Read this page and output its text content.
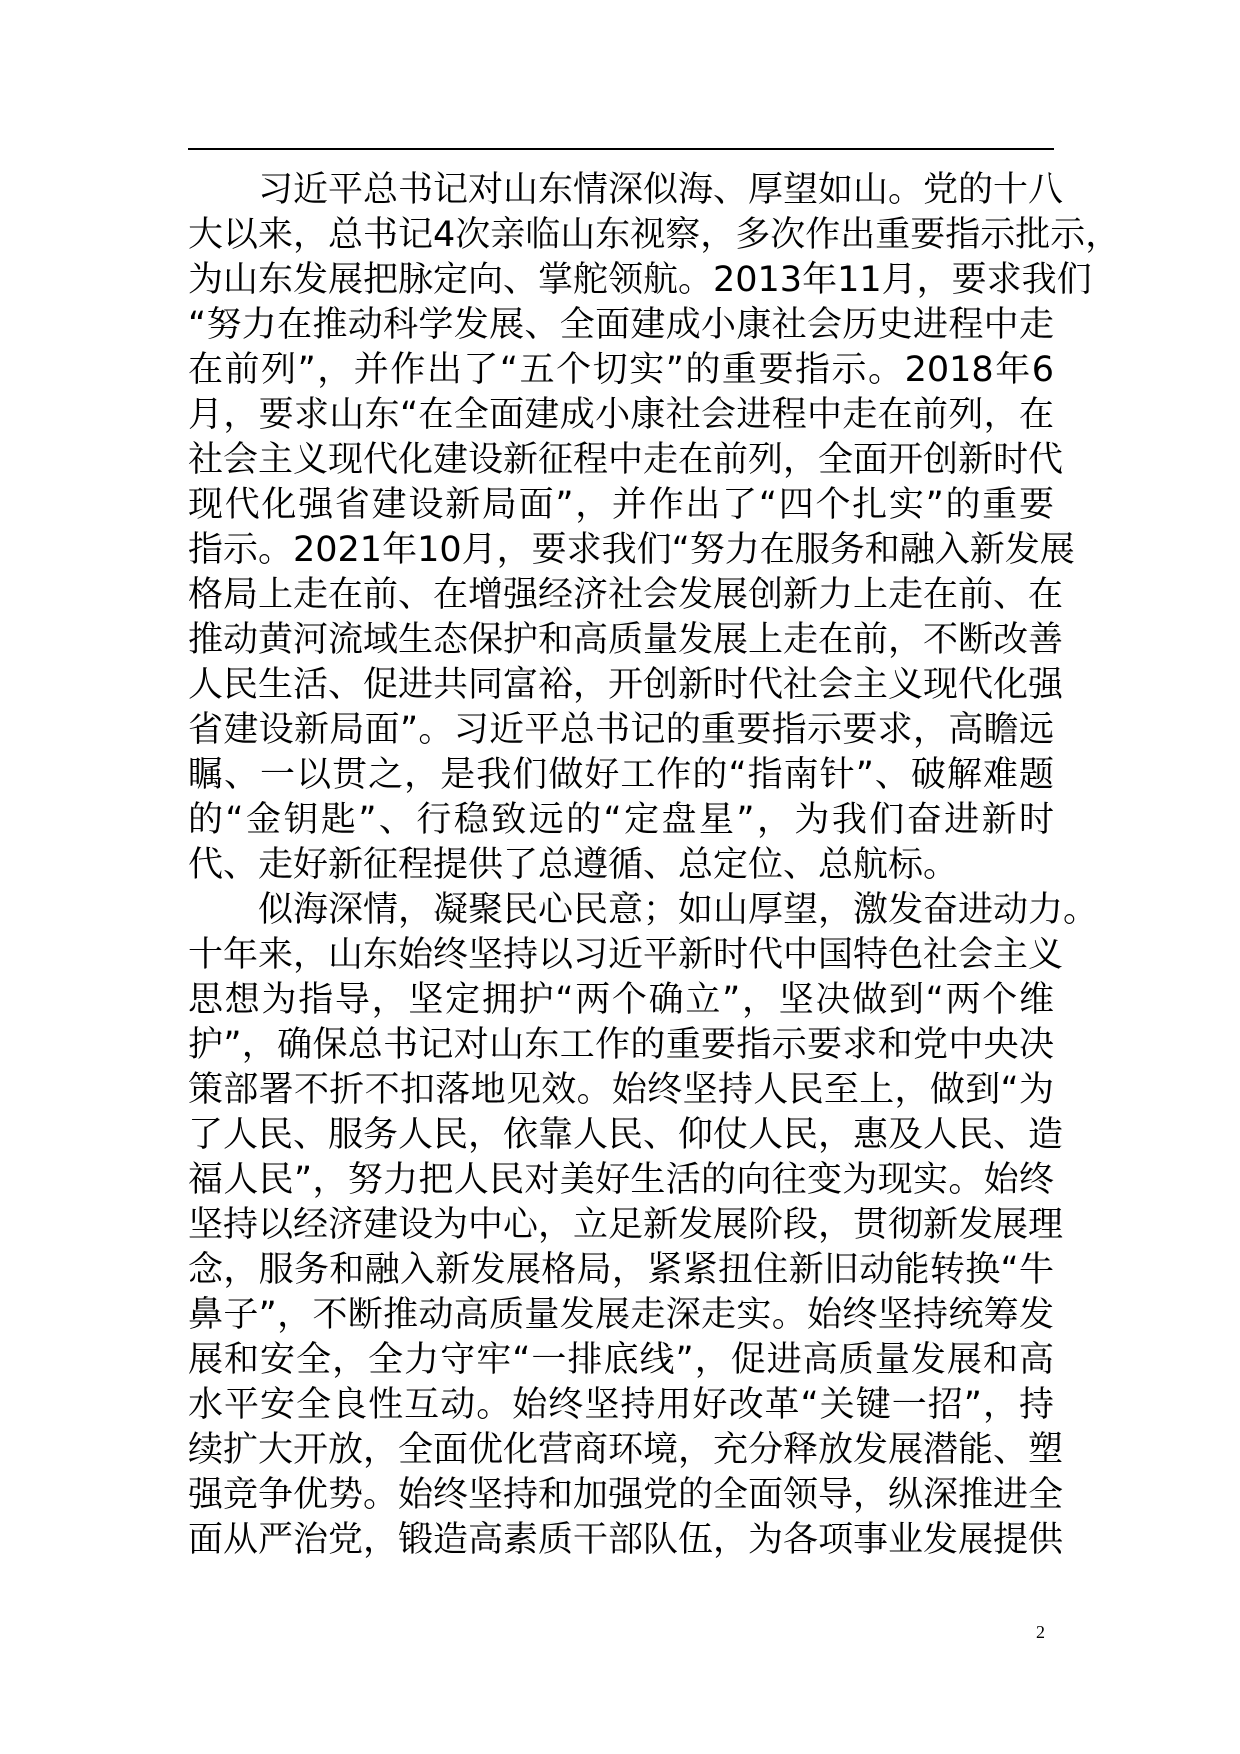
习近平总书记对山东情深似海、厚望如山。党的十八
大以来，总书记4次亲临山东视察，多次作出重要指示批示，
为山东发展把脉定向、掌舵领航。2013年11月，要求我们
“努力在推动科学发展、全面建成小康社会历史进程中走
在前列”，并作出了“五个切实”的重要指示。2018年6
月，要求山东“在全面建成小康社会进程中走在前列，在
社会主义现代化建设新征程中走在前列，全面开创新时代
现代化强省建设新局面”，并作出了“四个扎实”的重要
指示。2021年10月，要求我们“努力在服务和融入新发展
格局上走在前、在增强经济社会发展创新力上走在前、在
推动黄河流域生态保护和高质量发展上走在前，不断改善
人民生活、促进共同富裕，开创新时代社会主义现代化强
省建设新局面”。习近平总书记的重要指示要求，高瞻远
瞩、一以贯之，是我们做好工作的“指南针”、破解难题
的“金钥匙”、行稳致远的“定盘星”，为我们奋进新时
代、走好新征程提供了总遵循、总定位、总航标。
似海深情，凝聚民心民意；如山厚望，激发奋进动力。
十年来，山东始终坚持以习近平新时代中国特色社会主义
思想为指导，坚定拥护“两个确立”，坚决做到“两个维
护”，确保总书记对山东工作的重要指示要求和党中央决
策部署不折不扣落地见效。始终坚持人民至上，做到“为
了人民、服务人民，依靠人民、仰仗人民，惠及人民、造
福人民”，努力把人民对美好生活的向往变为现实。始终
坚持以经济建设为中心，立足新发展阶段，贯彻新发展理
念，服务和融入新发展格局，紧紧扭住新旧动能转换“牛
鼻子”，不断推动高质量发展走深走实。始终坚持统筹发
展和安全，全力守牢“一排底线”，促进高质量发展和高
水平安全良性互动。始终坚持用好改革“关键一招”，持
续扩大开放，全面优化营商环境，充分释放发展潜能、塑
强竞争优势。始终坚持和加强党的全面领导，纵深推进全
面从严治党，锻造高素质干部队伍，为各项事业发展提供
2
